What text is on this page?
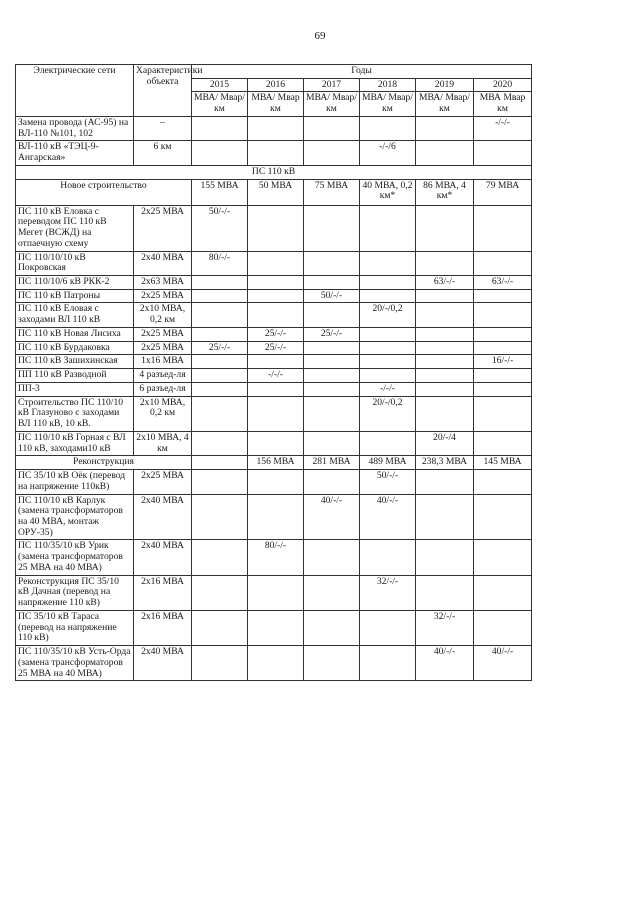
69
Электрические сети	Характеристики объекта	Годы					
		2015	2016	2017	2018	2019	2020
		МВА/ Мвар/км	МВА/ Мвар км	МВА/ Мвар/км	МВА/ Мвар/км	МВА/ Мвар/км	МВА Мвар км
Замена провода (АС-95) на ВЛ-110 №101, 102	–						-/-/-
ВЛ-110 кВ «ТЭЦ-9-Ангарская»	6 км				-/-/6		
ПС 110 кВ							
Новое строительство		155 МВА	50 МВА	75 МВА	40 МВА, 0,2 км*	86 МВА, 4 км*	79 МВА
ПС 110 кВ Еловка с переводом ПС 110 кВ Мегет (ВСЖД) на отпаечную схему	2х25 МВА	50/-/-					
ПС 110/10/10 кВ Покровская	2х40 МВА	80/-/-					
ПС 110/10/6 кВ РКК-2	2х63 МВА					63/-/-	63/-/-
ПС 110 кВ Патроны	2х25 МВА			50/-/-			
ПС 110 кВ Еловая с заходами ВЛ 110 кВ	2х10 МВА, 0,2 км				20/-/0,2		
ПС 110 кВ Новая Лисиха	2х25 МВА		25/-/-	25/-/-			
ПС 110 кВ Бурдаковка	2х25 МВА	25/-/-	25/-/-				
ПС 110 кВ Зашихинская	1х16 МВА						16/-/-
ПП 110 кВ Разводной	4 разъед-ля		-/-/-				
ПП-3	6 разъед-ля				-/-/-		
Строительство ПС 110/10 кВ Глазуново с заходами ВЛ 110 кВ, 10 кВ.	2х10 МВА, 0,2 км				20/-/0,2		
ПС 110/10 кВ Горная с ВЛ 110 кВ, заходами10 кВ	2х10 МВА, 4 км					20/-/4	
Реконструкция			156 МВА	281 МВА	489 МВА	238,3 МВА	145 МВА
ПС 35/10 кВ Оёк (перевод на напряжение 110кВ)	2х25 МВА				50/-/-		
ПС 110/10 кВ Карлук (замена трансформаторов на 40 МВА, монтаж ОРУ-35)	2х40 МВА			40/-/-	40/-/-		
ПС 110/35/10 кВ Урик (замена трансформаторов 25 МВА на 40 МВА)	2х40 МВА		80/-/-				
Реконструкция ПС 35/10 кВ Дачная (перевод на напряжение 110 кВ)	2х16 МВА				32/-/-		
ПС 35/10 кВ Тараса (перевод на напряжение 110 кВ)	2х16 МВА					32/-/-	
ПС 110/35/10 кВ Усть-Орда (замена трансформаторов 25 МВА на 40 МВА)	2х40 МВА					40/-/-	40/-/-
